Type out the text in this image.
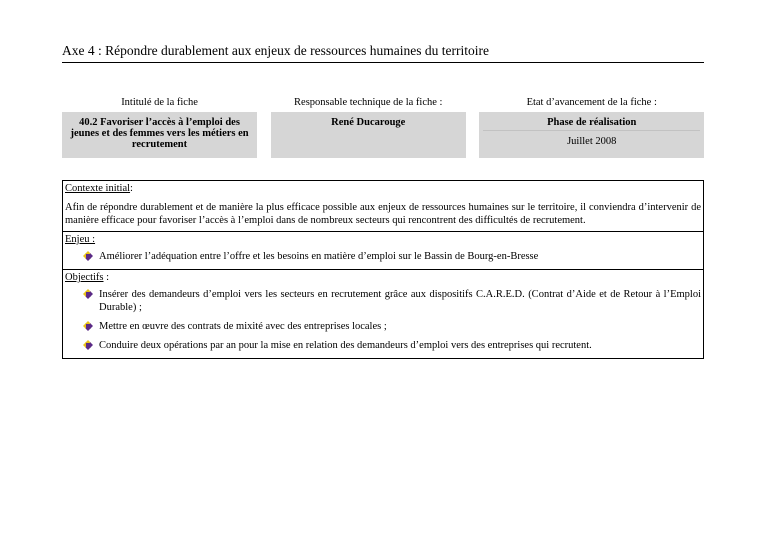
Axe 4 : Répondre durablement aux enjeux de ressources humaines du territoire
Intitulé de la fiche		Responsable technique de la fiche :		Etat d’avancement de la fiche :
40.2 Favoriser l’accès à l’emploi des jeunes et des femmes vers les métiers en recrutement		René Ducarouge		Phase de réalisation
Juillet 2008
Contexte initial:
Afin de répondre durablement et de manière la plus efficace possible aux enjeux de ressources humaines sur le territoire, il conviendra d’intervenir de manière efficace pour favoriser l’accès à l’emploi dans de nombreux secteurs qui rencontrent des difficultés de recrutement.
Enjeu :
Améliorer l’adéquation entre l’offre et les besoins en matière d’emploi sur le Bassin de Bourg-en-Bresse
Objectifs :
Insérer des demandeurs d’emploi vers les secteurs en recrutement grâce aux dispositifs C.A.R.E.D. (Contrat d’Aide et de Retour à l’Emploi Durable) ;
Mettre en œuvre des contrats de mixité avec des entreprises locales ;
Conduire deux opérations par an pour la mise en relation des demandeurs d’emploi vers des entreprises qui recrutent.
